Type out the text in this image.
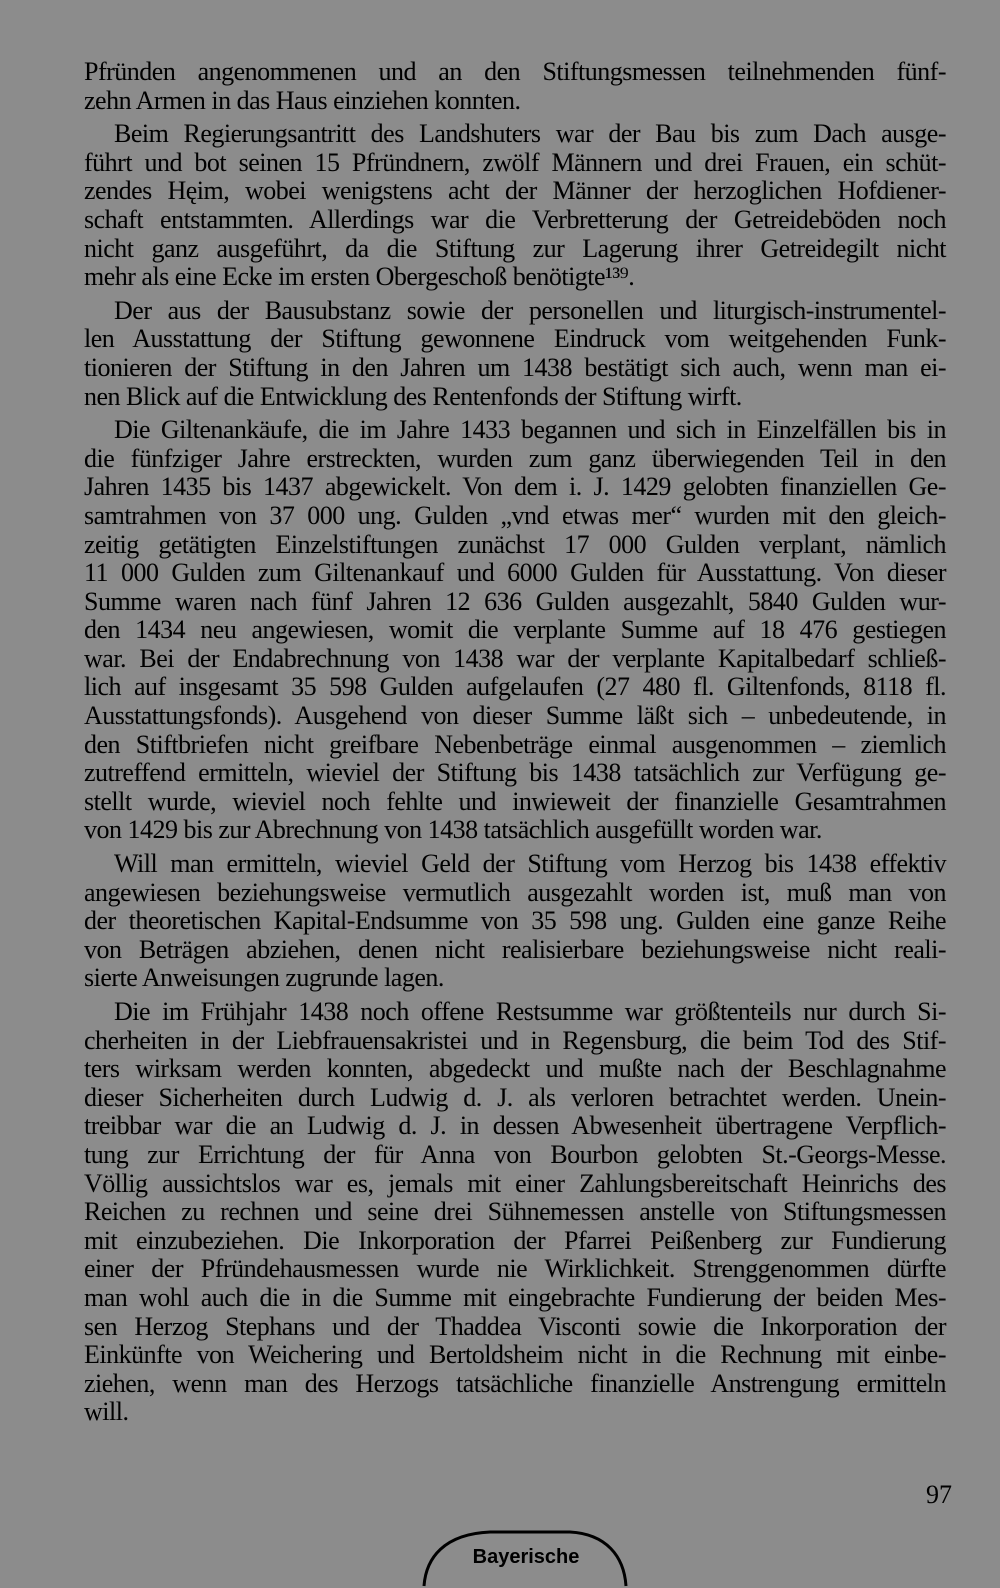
Pfründen angenommenen und an den Stiftungsmessen teilnehmenden fünf-
zehn Armen in das Haus einziehen konnten.

Beim Regierungsantritt des Landshuters war der Bau bis zum Dach ausge-
führt und bot seinen 15 Pfründnern, zwölf Männern und drei Frauen, ein schüt-
zendes Hęim, wobei wenigstens acht der Männer der herzoglichen Hofdiener-
schaft entstammten. Allerdings war die Verbretterung der Getreideböden noch
nicht ganz ausgeführt, da die Stiftung zur Lagerung ihrer Getreidegilt nicht
mehr als eine Ecke im ersten Obergeschoß benötigte¹³⁹.

Der aus der Bausubstanz sowie der personellen und liturgisch-instrumentel-
len Ausstattung der Stiftung gewonnene Eindruck vom weitgehenden Funk-
tionieren der Stiftung in den Jahren um 1438 bestätigt sich auch, wenn man ei-
nen Blick auf die Entwicklung des Rentenfonds der Stiftung wirft.

Die Giltenankäufe, die im Jahre 1433 begannen und sich in Einzelfällen bis in
die fünfziger Jahre erstreckten, wurden zum ganz überwiegenden Teil in den
Jahren 1435 bis 1437 abgewickelt. Von dem i. J. 1429 gelobten finanziellen Ge-
samtrahmen von 37 000 ung. Gulden „vnd etwas mer“ wurden mit den gleich-
zeitig getätigten Einzelstiftungen zunächst 17 000 Gulden verplant, nämlich
11 000 Gulden zum Giltenankauf und 6000 Gulden für Ausstattung. Von dieser
Summe waren nach fünf Jahren 12 636 Gulden ausgezahlt, 5840 Gulden wur-
den 1434 neu angewiesen, womit die verplante Summe auf 18 476 gestiegen
war. Bei der Endabrechnung von 1438 war der verplante Kapitalbedarf schließ-
lich auf insgesamt 35 598 Gulden aufgelaufen (27 480 fl. Giltenfonds, 8118 fl.
Ausstattungsfonds). Ausgehend von dieser Summe läßt sich – unbedeutende, in
den Stiftbriefen nicht greifbare Nebenbeträge einmal ausgenommen – ziemlich
zutreffend ermitteln, wieviel der Stiftung bis 1438 tatsächlich zur Verfügung ge-
stellt wurde, wieviel noch fehlte und inwieweit der finanzielle Gesamtrahmen
von 1429 bis zur Abrechnung von 1438 tatsächlich ausgefüllt worden war.

Will man ermitteln, wieviel Geld der Stiftung vom Herzog bis 1438 effektiv
angewiesen beziehungsweise vermutlich ausgezahlt worden ist, muß man von
der theoretischen Kapital-Endsumme von 35 598 ung. Gulden eine ganze Reihe
von Beträgen abziehen, denen nicht realisierbare beziehungsweise nicht reali-
sierte Anweisungen zugrunde lagen.

Die im Frühjahr 1438 noch offene Restsumme war größtenteils nur durch Si-
cherheiten in der Liebfrauensakristei und in Regensburg, die beim Tod des Stif-
ters wirksam werden konnten, abgedeckt und mußte nach der Beschlagnahme
dieser Sicherheiten durch Ludwig d. J. als verloren betrachtet werden. Unein-
treibbar war die an Ludwig d. J. in dessen Abwesenheit übertragene Verpflich-
tung zur Errichtung der für Anna von Bourbon gelobten St.-Georgs-Messe.
Völlig aussichtslos war es, jemals mit einer Zahlungsbereitschaft Heinrichs des
Reichen zu rechnen und seine drei Sühnemessen anstelle von Stiftungsmessen
mit einzubeziehen. Die Inkorporation der Pfarrei Peißenberg zur Fundierung
einer der Pfründehausmessen wurde nie Wirklichkeit. Strenggenommen dürfte
man wohl auch die in die Summe mit eingebrachte Fundierung der beiden Mes-
sen Herzog Stephans und der Thaddea Visconti sowie die Inkorporation der
Einkünfte von Weichering und Bertoldsheim nicht in die Rechnung mit einbe-
ziehen, wenn man des Herzogs tatsächliche finanzielle Anstrengung ermitteln
will.

97
Bayerische
